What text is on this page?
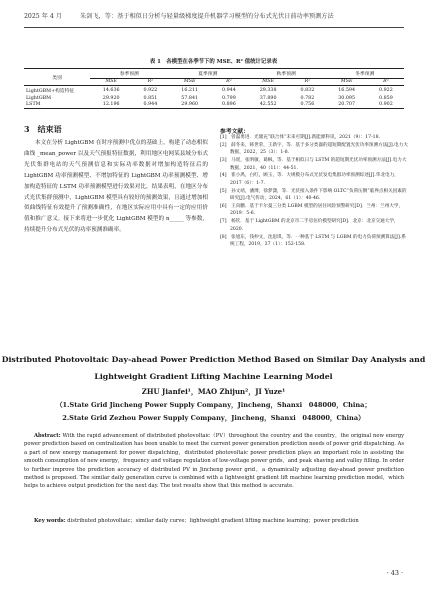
2025 年 4 月	朱剑飞，等：基于相似日分析与轻量级梯度提升机器学习模型的分布式光伏日前功率预测方法
表 1　各模型在各季节下的 MSE、R² 值统计记录表
类别	春季预测		夏季预测		秋季预测		冬季预测	
	MSE	R²	MSE	R²	MSE	R²	MSE	R²
LightGBM+构造特征	14.636	0.922	16.211	0.944	29.338	0.832	16.594	0.922
LightGBM	29.920	0.851	57.841	0.799	37.890	0.782	30.095	0.859
LSTM	12.196	0.944	29.960	0.896	42.552	0.756	20.707	0.902
3　结束语
本文在分析 LightGBM 在时序预测中优点的基础上，构建了动态相似曲线 _mean_power 以及天气预报特征数据，利用地区电网某县域分布式光伏集群电站的天气预测信息和实际功率数据对增加构造特征后的 LightGBM 功率预测模型、不增加特征的 LightGBM 功率预测模型、增加构造特征的 LSTM 功率预测模型进行效果对比，结果表明，在地区分布式光伏集群预测中，LightGBM 模型具有较好的预测效果，且通过增加相似曲线特征有效提升了预测准确性，在地区实际应用中具有一定的应用价值和推广意义。接下来将进一步优化 LightGBM 模型的 n_____ 等参数，持续提升分布式光伏的功率预测准确率。
参考文献：
[1]　曾磊勇进．光储充“联合体”未来可期[J].新能源科讯，2021（9）：17-18.
[2]　薛冬来，韩世荣，王新宇，等．基于多分类器的超短期配置光伏功率预测方法[J].电力大数据，2022，25（3）：1-8.
[3]　马瑶，张明敏，葛枫，等．基于相似日与 LSTM 的超短期光伏功率预测方法[J].电力大数据，2021，40（11）：44-51.
[4]　崔小禹，白红，顾玉，等．大规模分布式光伏发电集群功率预测综述[J].华北电力，2017（6）：1-7.
[5]　孙文靖，潘博，徐梦潇，等．光伏接入条件下影响 OLTC“负荷压倒”临界点相关因素的研究[J].电气传动，2024，61（1）：40-46.
[6]　王向鹏．基于卡尔曼三分类 LGBM 模型的居住风险预警研究[D]．兰州：兰州大学，2019：5-6.
[7]　杨钦．基于 LightGBM 的北京市二手房估价模型研究[D]．北京：北京交通大学，2020.
[8]　张旭东，钱仲文，沈思琪，等．一种基于 LSTM 与 LGBM 的电力负荷预测算法[J].系统工程，2019，37（1）：152-158.
Distributed Photovoltaic Day-ahead Power Prediction Method Based on Similar Day Analysis and Lightweight Gradient Lifting Machine Learning Model
ZHU Jianfei¹，MAO Zhijun²，JI Yuze¹
（1.State Grid Jincheng Power Supply Company，Jincheng，Shanxi　048000，China；
2.State Grid Zezhou Power Supply Company，Jincheng，Shanxi　048000，China）
Abstract: With the rapid advancement of distributed photovoltaic（PV）throughout the country and the country，the original new energy power prediction based on centralization has been unable to meet the current power generation prediction needs of power grid dispatching. As a part of new energy management for power dispatching，distributed photovoltaic power prediction plays an important role in assisting the smooth consumption of new energy，frequency and voltage regulation of low-voltage power grids，and peak shaving and valley filling. In order to further improve the prediction accuracy of distributed PV in Jincheng power grid，a dynamically adjusting day-ahead power prediction method is proposed. The similar daily generation curve is combined with a lightweight gradient lift machine learning prediction model，which helps to achieve output prediction for the next day. The test results show that this method is accurate.
Key words: distributed photovoltaic；similar daily curve；lightweight gradient lifting machine learning；power prediction
· 43 ·
